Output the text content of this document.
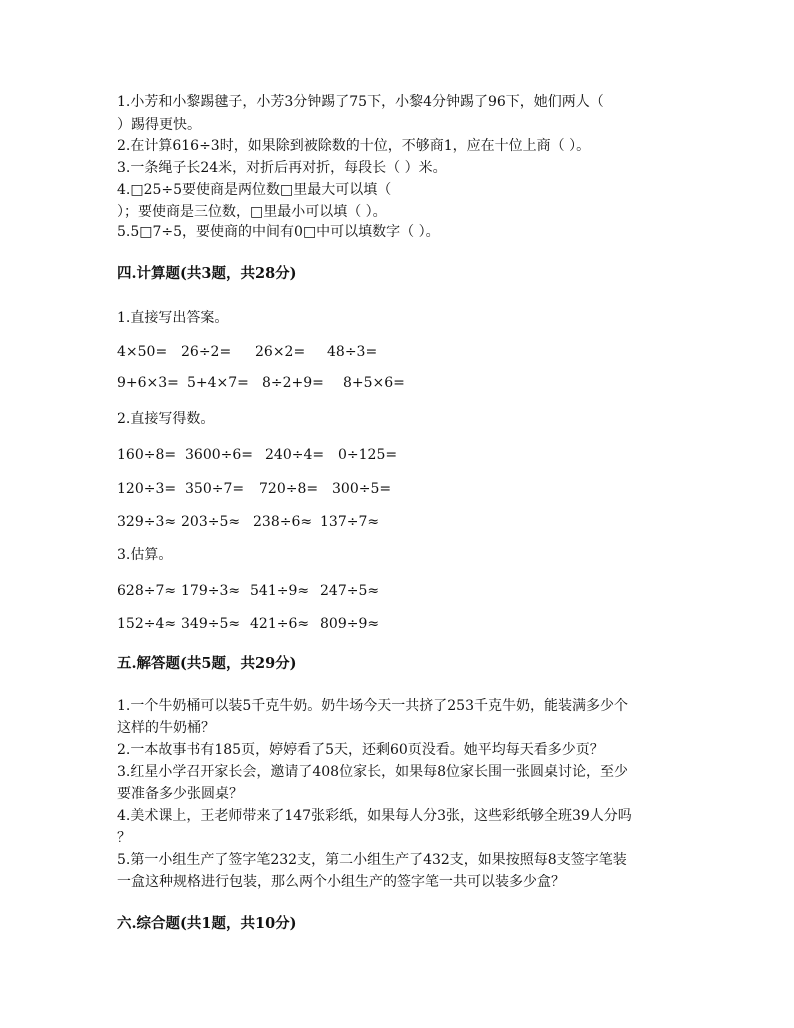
1.小芳和小黎踢毽子，小芳3分钟踢了75下，小黎4分钟踢了96下，她们两人（
）踢得更快。
2.在计算616÷3时，如果除到被除数的十位，不够商1，应在十位上商（ ）。
3.一条绳子长24米，对折后再对折，每段长（ ）米。
4.□25÷5要使商是两位数□里最大可以填（
）；要使商是三位数，□里最小可以填（ ）。
5.5□7÷5，要使商的中间有0□中可以填数字（ ）。
四.计算题(共3题，共28分)
1.直接写出答案。
4×50= 26÷2= 26×2= 48÷3=
9+6×3= 5+4×7= 8÷2+9= 8+5×6=
2.直接写得数。
160÷8= 3600÷6= 240÷4= 0÷125=
120÷3= 350÷7= 720÷8= 300÷5=
329÷3≈ 203÷5≈ 238÷6≈ 137÷7≈
3.估算。
628÷7≈ 179÷3≈ 541÷9≈ 247÷5≈
152÷4≈ 349÷5≈ 421÷6≈ 809÷9≈
五.解答题(共5题，共29分)
1.一个牛奶桶可以装5千克牛奶。奶牛场今天一共挤了253千克牛奶，能装满多少个
这样的牛奶桶？
2.一本故事书有185页，婷婷看了5天，还剩60页没看。她平均每天看多少页？
3.红星小学召开家长会，邀请了408位家长，如果每8位家长围一张圆桌讨论，至少
要准备多少张圆桌？
4.美术课上，王老师带来了147张彩纸，如果每人分3张，这些彩纸够全班39人分吗
？
5.第一小组生产了签字笔232支，第二小组生产了432支，如果按照每8支签字笔装
一盒这种规格进行包装，那么两个小组生产的签字笔一共可以装多少盒？
六.综合题(共1题，共10分)
